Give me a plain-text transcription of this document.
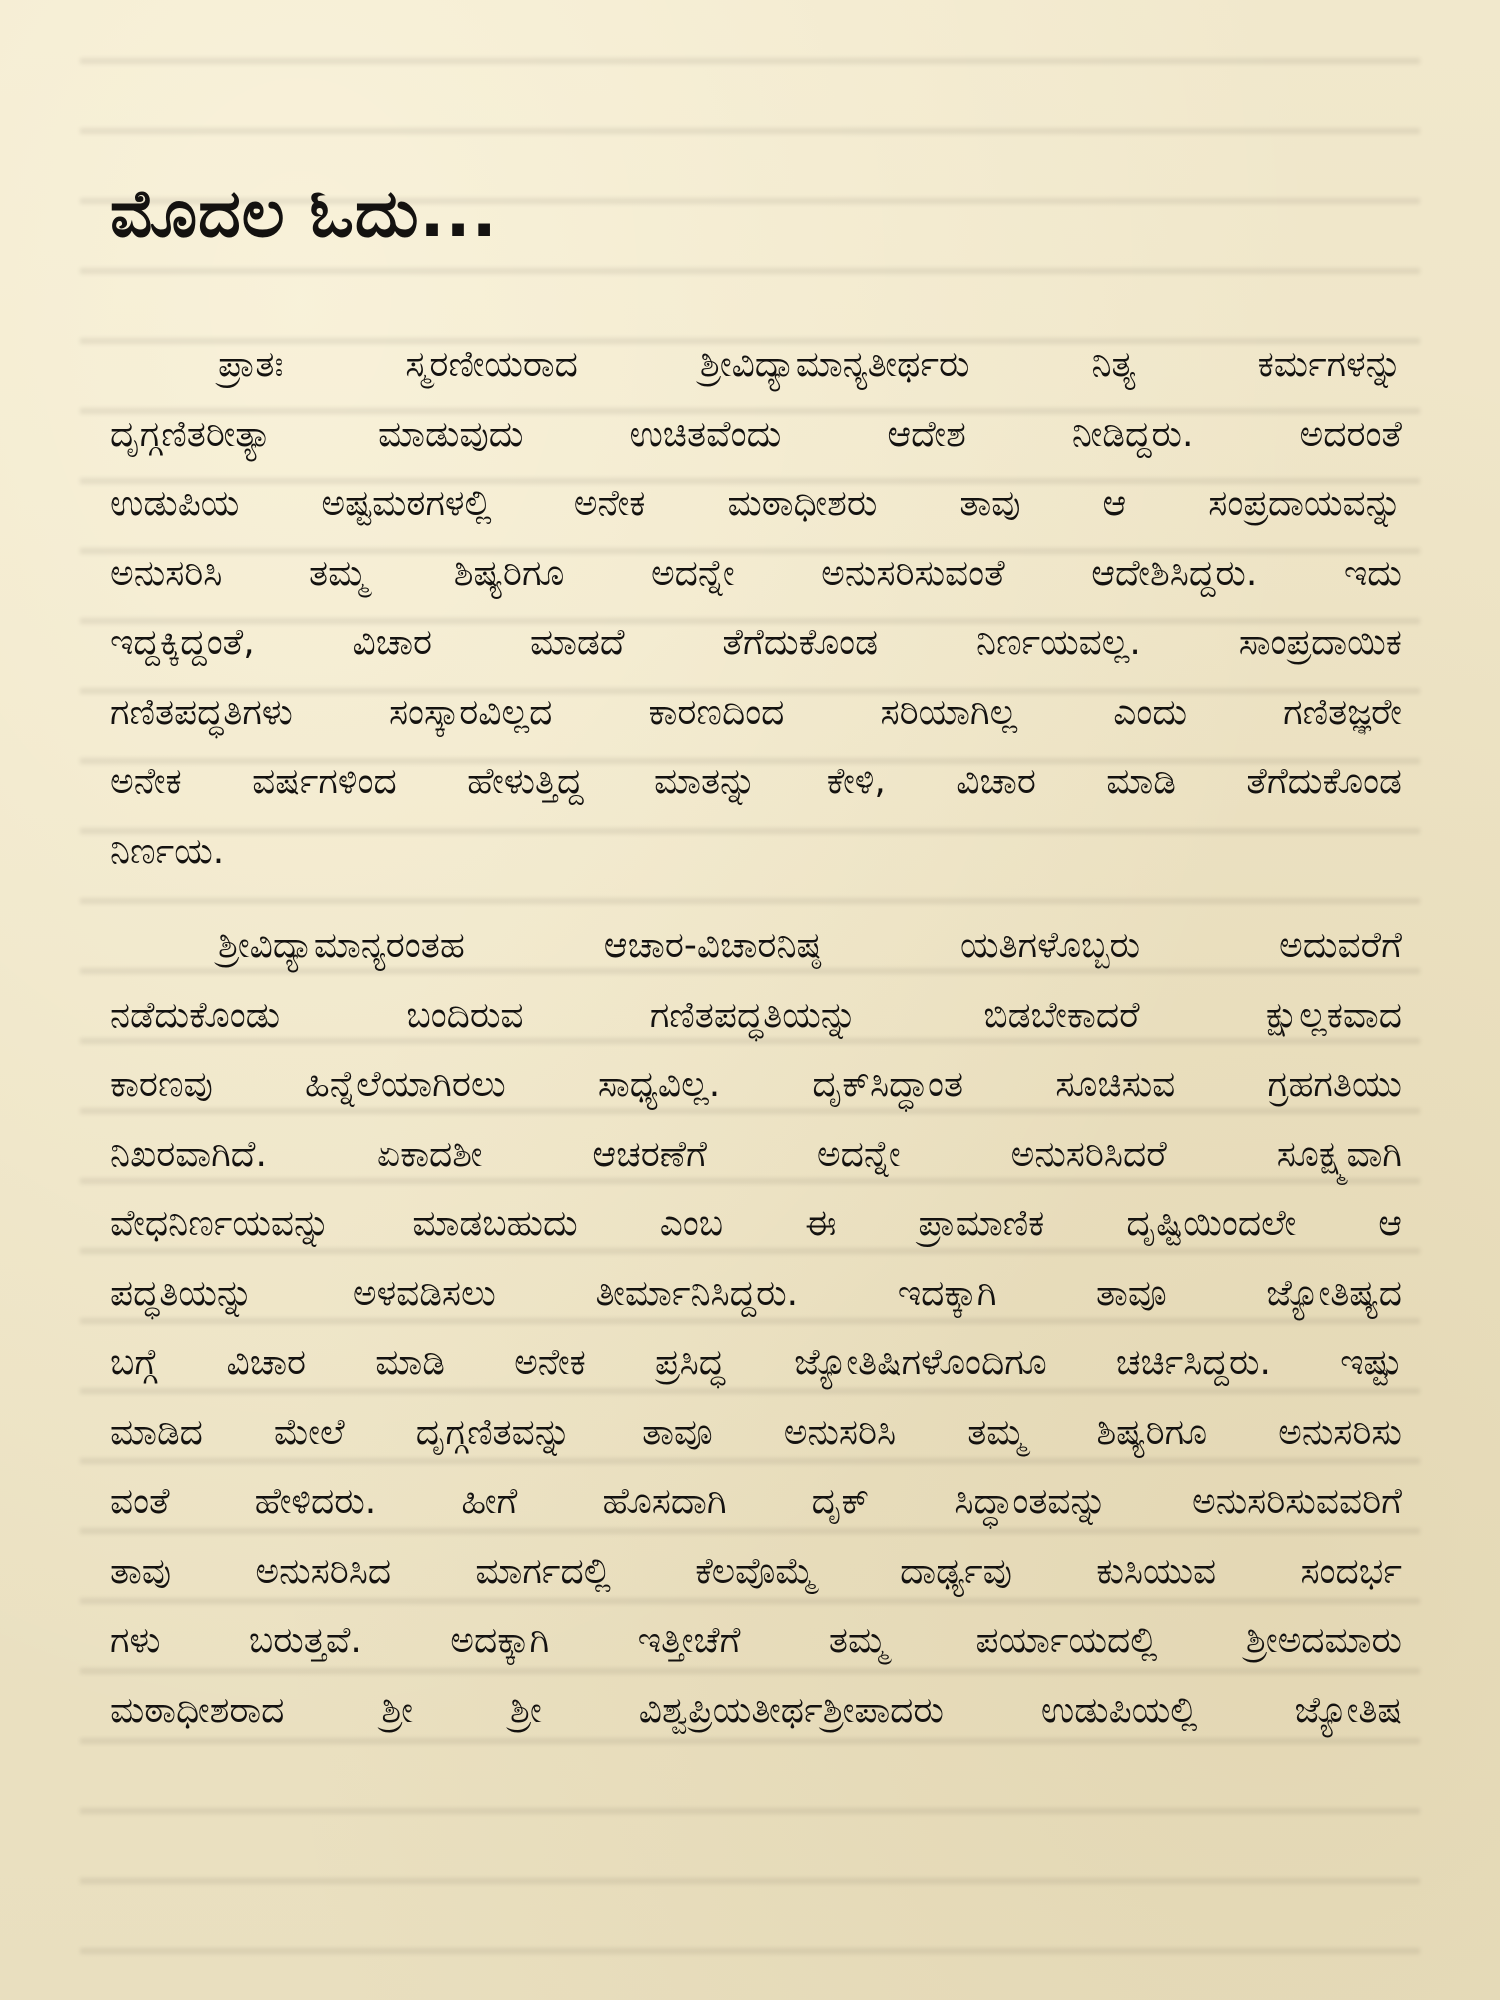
ಮೊದಲ ಓದು...

ಪ್ರಾತಃ ಸ್ಮರಣೀಯರಾದ ಶ್ರೀವಿದ್ಯಾಮಾನ್ಯತೀರ್ಥರು ನಿತ್ಯ ಕರ್ಮಗಳನ್ನು
ದೃಗ್ಗಣಿತರೀತ್ಯಾ ಮಾಡುವುದು ಉಚಿತವೆಂದು ಆದೇಶ ನೀಡಿದ್ದರು. ಅದರಂತೆ
ಉಡುಪಿಯ ಅಷ್ಟಮಠಗಳಲ್ಲಿ ಅನೇಕ ಮಠಾಧೀಶರು ತಾವು ಆ ಸಂಪ್ರದಾಯವನ್ನು
ಅನುಸರಿಸಿ ತಮ್ಮ ಶಿಷ್ಯರಿಗೂ ಅದನ್ನೇ ಅನುಸರಿಸುವಂತೆ ಆದೇಶಿಸಿದ್ದರು. ಇದು
ಇದ್ದಕ್ಕಿದ್ದಂತೆ, ವಿಚಾರ ಮಾಡದೆ ತೆಗೆದುಕೊಂಡ ನಿರ್ಣಯವಲ್ಲ. ಸಾಂಪ್ರದಾಯಿಕ
ಗಣಿತಪದ್ಧತಿಗಳು ಸಂಸ್ಕಾರವಿಲ್ಲದ ಕಾರಣದಿಂದ ಸರಿಯಾಗಿಲ್ಲ ಎಂದು ಗಣಿತಜ್ಞರೇ
ಅನೇಕ ವರ್ಷಗಳಿಂದ ಹೇಳುತ್ತಿದ್ದ ಮಾತನ್ನು ಕೇಳಿ, ವಿಚಾರ ಮಾಡಿ ತೆಗೆದುಕೊಂಡ
ನಿರ್ಣಯ.

ಶ್ರೀವಿದ್ಯಾಮಾನ್ಯರಂತಹ ಆಚಾರ-ವಿಚಾರನಿಷ್ಠ ಯತಿಗಳೊಬ್ಬರು ಅದುವರೆಗೆ
ನಡೆದುಕೊಂಡು ಬಂದಿರುವ ಗಣಿತಪದ್ಧತಿಯನ್ನು ಬಿಡಬೇಕಾದರೆ ಕ್ಷುಲ್ಲಕವಾದ
ಕಾರಣವು ಹಿನ್ನೆಲೆಯಾಗಿರಲು ಸಾಧ್ಯವಿಲ್ಲ. ದೃಕ್‌ಸಿದ್ಧಾಂತ ಸೂಚಿಸುವ ಗ್ರಹಗತಿಯು
ನಿಖರವಾಗಿದೆ. ಏಕಾದಶೀ ಆಚರಣೆಗೆ ಅದನ್ನೇ ಅನುಸರಿಸಿದರೆ ಸೂಕ್ಷ್ಮವಾಗಿ
ವೇಧನಿರ್ಣಯವನ್ನು ಮಾಡಬಹುದು ಎಂಬ ಈ ಪ್ರಾಮಾಣಿಕ ದೃಷ್ಟಿಯಿಂದಲೇ ಆ
ಪದ್ಧತಿಯನ್ನು ಅಳವಡಿಸಲು ತೀರ್ಮಾನಿಸಿದ್ದರು. ಇದಕ್ಕಾಗಿ ತಾವೂ ಜ್ಯೋತಿಷ್ಯದ
ಬಗ್ಗೆ ವಿಚಾರ ಮಾಡಿ ಅನೇಕ ಪ್ರಸಿದ್ಧ ಜ್ಯೋತಿಷಿಗಳೊಂದಿಗೂ ಚರ್ಚಿಸಿದ್ದರು. ಇಷ್ಟು
ಮಾಡಿದ ಮೇಲೆ ದೃಗ್ಗಣಿತವನ್ನು ತಾವೂ ಅನುಸರಿಸಿ ತಮ್ಮ ಶಿಷ್ಯರಿಗೂ ಅನುಸರಿಸು
ವಂತೆ ಹೇಳಿದರು. ಹೀಗೆ ಹೊಸದಾಗಿ ದೃಕ್ ಸಿದ್ಧಾಂತವನ್ನು ಅನುಸರಿಸುವವರಿಗೆ
ತಾವು ಅನುಸರಿಸಿದ ಮಾರ್ಗದಲ್ಲಿ ಕೆಲವೊಮ್ಮೆ ದಾರ್ಢ್ಯವು ಕುಸಿಯುವ ಸಂದರ್ಭ
ಗಳು ಬರುತ್ತವೆ. ಅದಕ್ಕಾಗಿ ಇತ್ತೀಚೆಗೆ ತಮ್ಮ ಪರ್ಯಾಯದಲ್ಲಿ ಶ್ರೀಅದಮಾರು
ಮಠಾಧೀಶರಾದ ಶ್ರೀ ಶ್ರೀ ವಿಶ್ವಪ್ರಿಯತೀರ್ಥಶ್ರೀಪಾದರು ಉಡುಪಿಯಲ್ಲಿ ಜ್ಯೋತಿಷ
